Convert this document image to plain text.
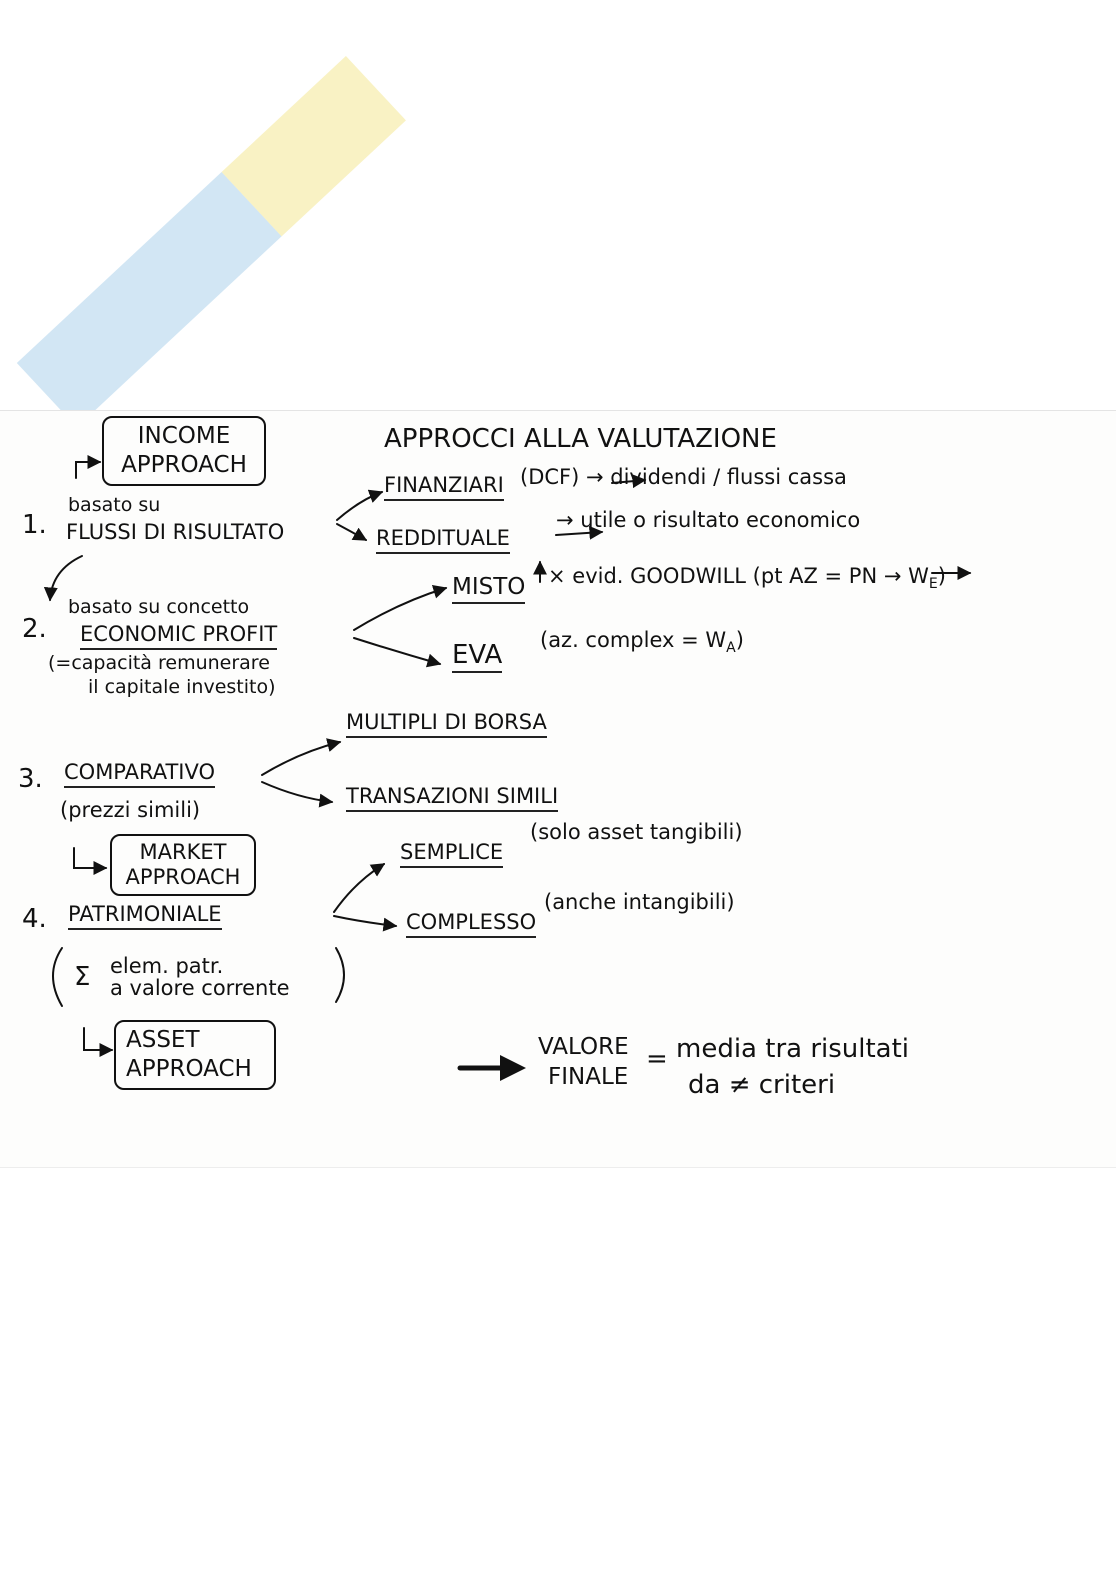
APPROCCI ALLA VALUTAZIONE
INCOME APPROACH
1.
basato su
FLUSSI DI RISULTATO
FINANZIARI (DCF) → dividendi / flussi cassa
REDDITUALE
→ utile o risultato economico
2.
basato su concetto
ECONOMIC PROFIT
(=capacità remunerare
il capitale investito)
MISTO × evid. GOODWILL (pt AZ = PN → $W_E$)
EVA (az. complex = $W_A$)
3. COMPARATIVO
(prezzi simili)
MARKET APPROACH
MULTIPLI DI BORSA
TRANSAZIONI SIMILI
4. PATRIMONIALE
Σ elem. patr.
a valore corrente
ASSET APPROACH
SEMPLICE
(solo asset tangibili)
COMPLESSO
(anche intangibili)
VALORE
FINALE
= media tra risultati
da ≠ criteri
